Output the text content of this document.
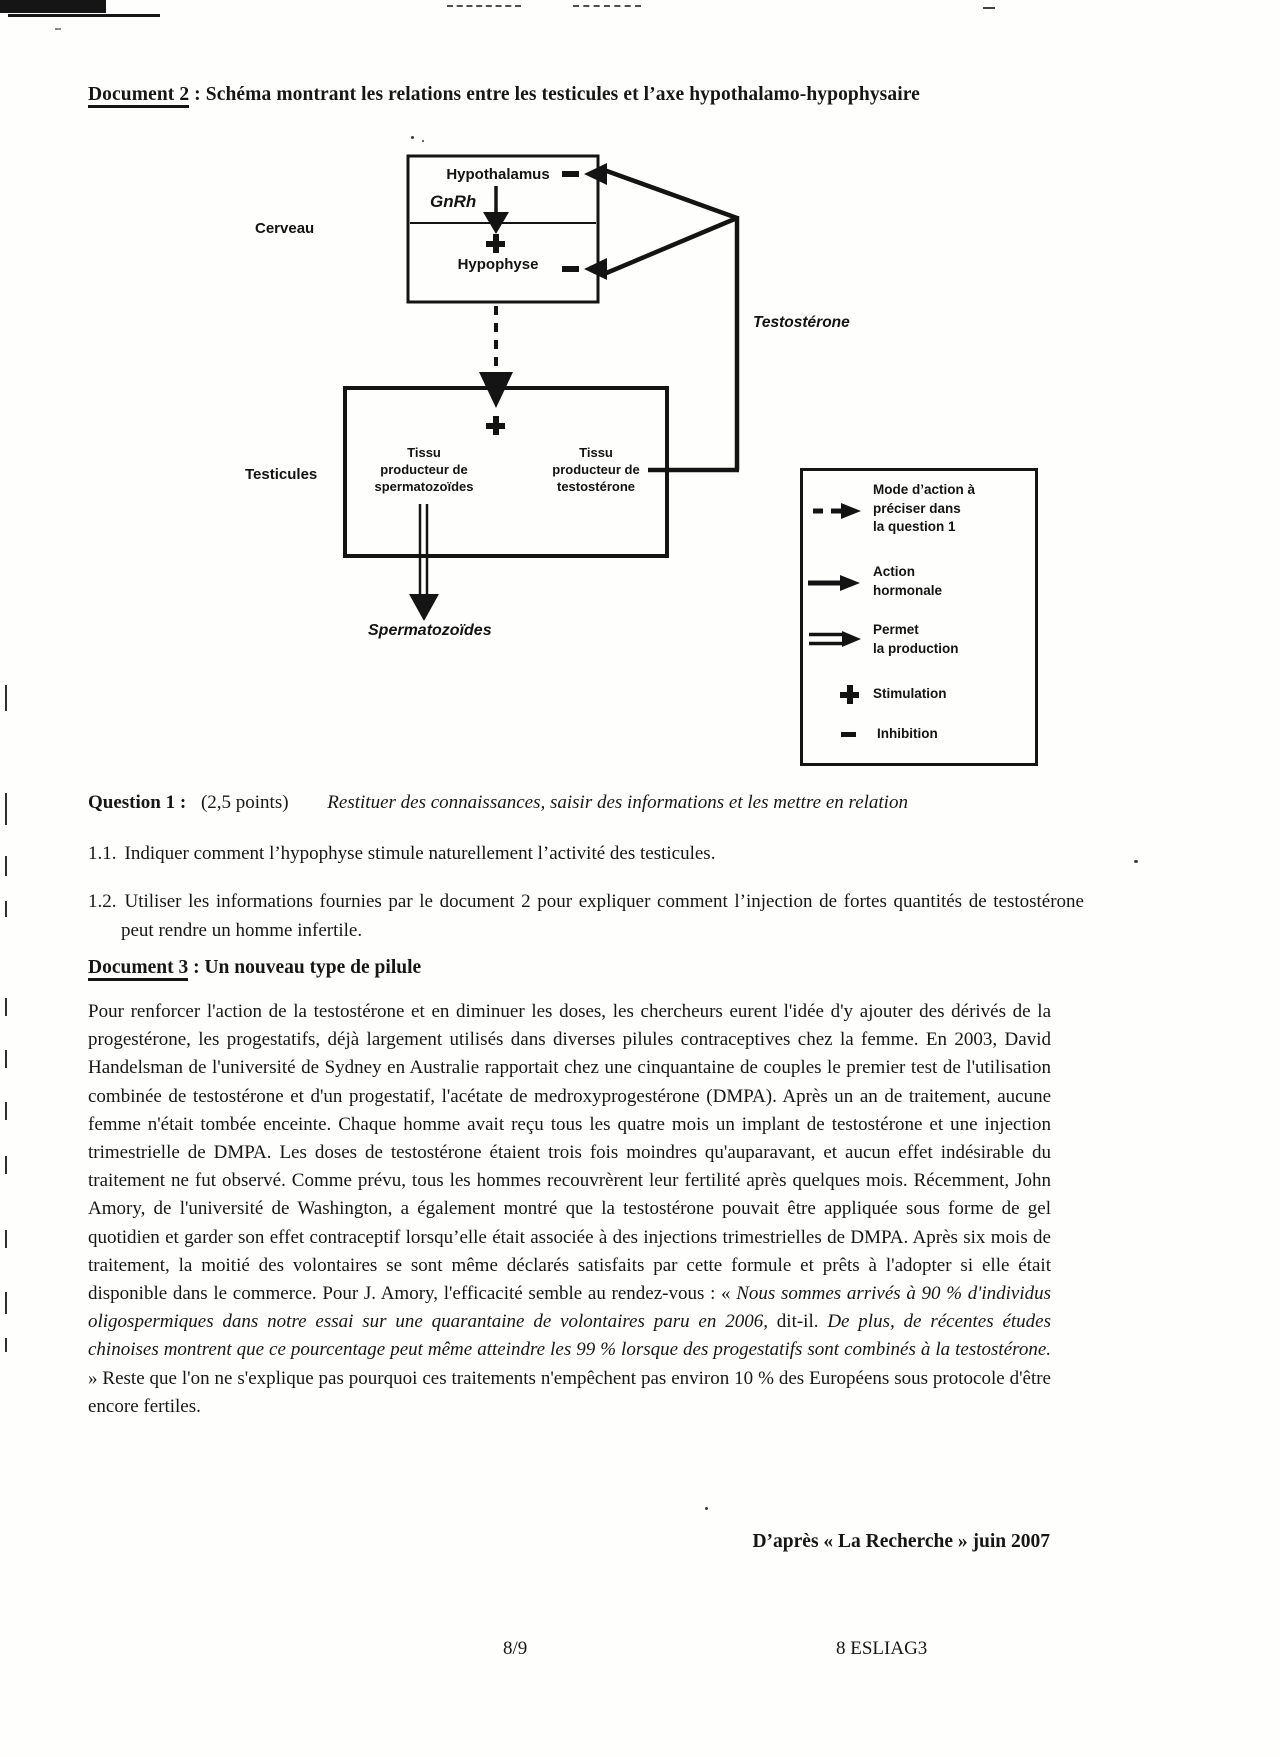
Document 2 : Schéma montrant les relations entre les testicules et l’axe hypothalamo-hypophysaire
Cerveau
Hypothalamus
GnRh
Hypophyse
Testostérone
Testicules
Tissu
producteur de
spermatozoïdes
Tissu
producteur de
testostérone
Spermatozoïdes
Mode d’action à
préciser dans
la question 1
Action
hormonale
Permet
la production
Stimulation
Inhibition
Question 1 : (2,5 points) Restituer des connaissances, saisir des informations et les mettre en relation
1.1. Indiquer comment l’hypophyse stimule naturellement l’activité des testicules.
1.2. Utiliser les informations fournies par le document 2 pour expliquer comment l’injection de fortes quantités de testostérone peut rendre un homme infertile.
Document 3 : Un nouveau type de pilule
Pour renforcer l'action de la testostérone et en diminuer les doses, les chercheurs eurent l'idée d'y ajouter des dérivés de la progestérone, les progestatifs, déjà largement utilisés dans diverses pilules contraceptives chez la femme. En 2003, David Handelsman de l'université de Sydney en Australie rapportait chez une cinquantaine de couples le premier test de l'utilisation combinée de testostérone et d'un progestatif, l'acétate de medroxyprogestérone (DMPA). Après un an de traitement, aucune femme n'était tombée enceinte. Chaque homme avait reçu tous les quatre mois un implant de testostérone et une injection trimestrielle de DMPA. Les doses de testostérone étaient trois fois moindres qu'auparavant, et aucun effet indésirable du traitement ne fut observé. Comme prévu, tous les hommes recouvrèrent leur fertilité après quelques mois. Récemment, John Amory, de l'université de Washington, a également montré que la testostérone pouvait être appliquée sous forme de gel quotidien et garder son effet contraceptif lorsqu’elle était associée à des injections trimestrielles de DMPA. Après six mois de traitement, la moitié des volontaires se sont même déclarés satisfaits par cette formule et prêts à l'adopter si elle était disponible dans le commerce. Pour J. Amory, l'efficacité semble au rendez-vous : « Nous sommes arrivés à 90 % d'individus oligospermiques dans notre essai sur une quarantaine de volontaires paru en 2006, dit-il. De plus, de récentes études chinoises montrent que ce pourcentage peut même atteindre les 99 % lorsque des progestatifs sont combinés à la testostérone. » Reste que l'on ne s'explique pas pourquoi ces traitements n'empêchent pas environ 10 % des Européens sous protocole d'être encore fertiles.
D’après « La Recherche » juin 2007
8/9	8 ESLIAG3
